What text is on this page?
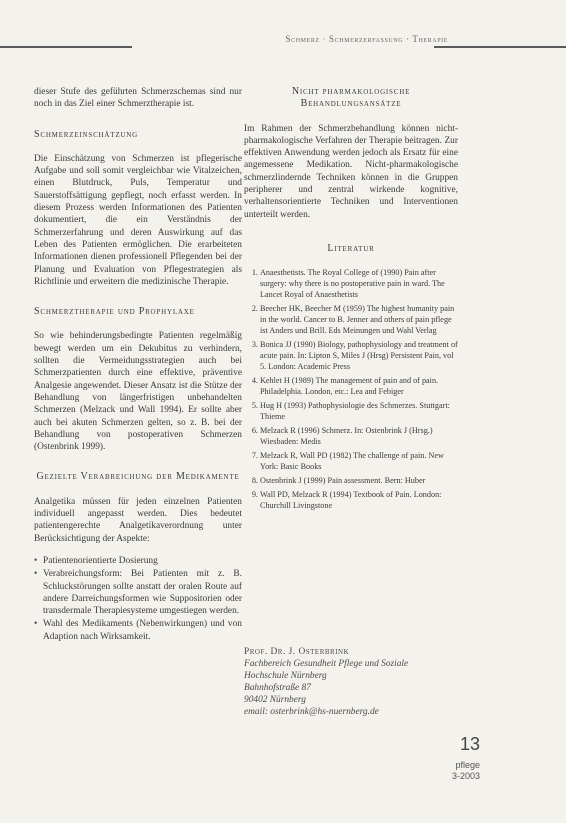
Schmerz · Schmerzerfassung · Therapie

dieser Stufe des geführten Schmerzschemas sind nur noch in das Ziel einer Schmerztherapie ist.

Schmerzeinschätzung

Die Einschätzung von Schmerzen ist pflegerische Aufgabe und soll somit vergleichbar wie Vitalzeichen, einen Blutdruck, Puls, Temperatur und Sauerstoffsättigung gepflegt, noch erfasst werden. In diesem Prozess werden Informationen des Patienten dokumentiert, die ein Verständnis der Schmerzerfahrung und deren Auswirkung auf das Leben des Patienten ermöglichen. Die erarbeiteten Informationen dienen professionell Pflegenden bei der Planung und Evaluation von Pflegestrategien als Richtlinie und erweitern die medizinische Therapie.

Schmerztherapie und Prophylaxe

So wie behinderungsbedingte Patienten regelmäßig bewegt werden um ein Dekubitus zu verhindern, sollten die Vermeidungsstrategien auch bei Schmerzpatienten durch eine effektive, präventive Analgesie angewendet. Dieser Ansatz ist die Stütze der Behandlung von längerfristigen unbehandelten Schmerzen (Melzack und Wall 1994). Er sollte aber auch bei akuten Schmerzen gelten, so z. B. bei der Behandlung von postoperativen Schmerzen (Ostenbrink 1999).

Gezielte Verabreichung der Medikamente

Analgetika müssen für jeden einzelnen Patienten individuell angepasst werden. Dies bedeutet patientengerechte Analgetikaverordnung unter Berücksichtigung der Aspekte:

• Patientenorientierte Dosierung
• Verabreichungsform: Bei Patienten mit z. B. Schluckstörungen sollte anstatt der oralen Route auf andere Darreichungsformen wie Suppositorien oder transdermale Therapiesysteme umgestiegen werden.
• Wahl des Medikaments (Nebenwirkungen) und von Adaption nach Wirksamkeit.
Nicht pharmakologische Behandlungsansätze

Im Rahmen der Schmerzbehandlung können nicht-pharmakologische Verfahren der Therapie beitragen. Zur effektiven Anwendung werden jedoch als Ersatz für eine angemessene Medikation. Nicht-pharmakologische schmerzlindernde Techniken können in die Gruppen peripherer und zentral wirkende kognitive, verhaltensorientierte Techniken und Interventionen unterteilt werden.

Literatur
1. Anaesthetists. The Royal College of (1990) Pain after surgery: why there is no postoperative pain in ward. The Lancet Royal of Anaesthetists
2. Beecher HK, Beecher M (1959) The highest humanity pain in the world. Cancer to B. Jenner and others of pain pflege ist Anders und Brill. Eds Meinungen und Wahl Verlag
3. Bonica JJ (1990) Biology, pathophysiology and treatment of acute pain. In: Lipton S, Miles J (Hrsg) Persistent Pain, vol 5. London: Academic Press
4. Kehlet H (1989) The management of pain and of pain. Philadelphia. London, etc.: Lea and Febiger
5. Hug H (1993) Pathophysiologie des Schmerzes. Stuttgart: Thieme
6. Melzack R (1996) Schmerz. In: Ostenbrink J (Hrsg.) Wiesbaden: Medis
7. Melzack R, Wall PD (1982) The challenge of pain. New York: Basic Books
8. Ostenbrink J (1999) Pain assessment. Bern: Huber
9. Wall PD, Melzack R (1994) Textbook of Pain. London: Churchill Livingstone
Prof. Dr. J. Osterbrink
Fachbereich Gesundheit Pflege und Soziale
Hochschule Nürnberg
Bahnhofstraße 87
90402 Nürnberg
email: osterbrink@hs-nuernberg.de
13
pflege
3-2003
